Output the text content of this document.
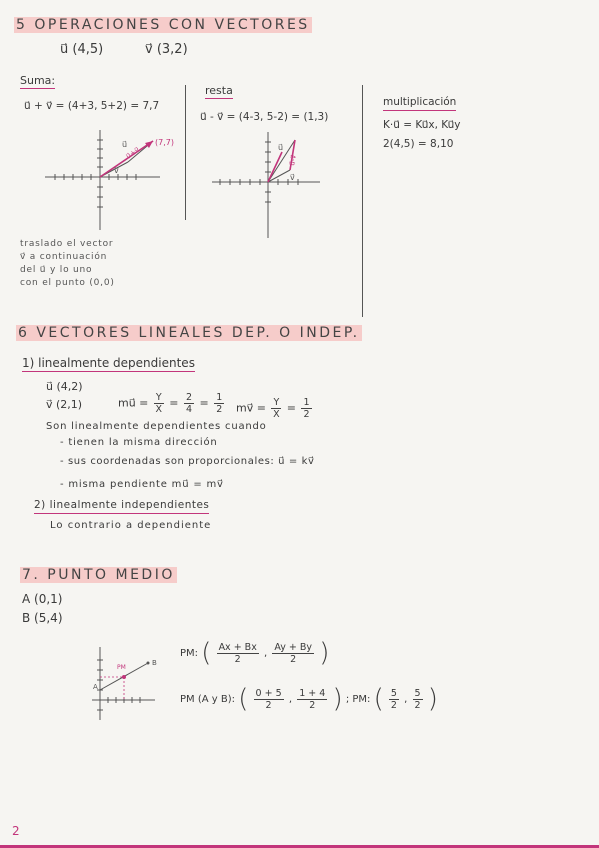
5 OPERACIONES CON VECTORES
u⃗ (4,5)	v⃗ (3,2)
Suma:
u⃗ + v⃗ = (4+3, 5+2) = 7,7
(7,7)
u⃗
v⃗
u⃗+v⃗
traslado el vector
v⃗ a continuación
del u⃗ y lo uno
con el punto (0,0)
resta
u⃗ - v⃗ = (4-3, 5-2) = (1,3)
u⃗
v⃗
u⃗-v⃗
multiplicación
K·u⃗ = Ku⃗x, Ku⃗y
2(4,5) = 8,10
6 VECTORES LINEALES DEP. O INDEP.
1) linealmente dependientes
u⃗ (4,2)
v⃗ (2,1)	mu⃗ = $\frac{Y}{X} = \frac{2}{4} = \frac{1}{2}$ mv⃗ = $\frac{Y}{X} = \frac{1}{2}$
Son linealmente dependientes cuando
- tienen la misma dirección
- sus coordenadas son proporcionales: u⃗ = kv⃗
- misma pendiente mu⃗ = mv⃗
2) linealmente independientes
Lo contrario a dependiente
7. PUNTO MEDIO
A (0,1)
B (5,4)
A
B
PM
PM: ( $\frac{Ax + Bx}{2}$ , $\frac{Ay + By}{2}$ )
PM (A y B): ( $\frac{0 + 5}{2}$ , $\frac{1 + 4}{2}$ ) ; PM: ( $\frac{5}{2}$ , $\frac{5}{2}$ )
2
